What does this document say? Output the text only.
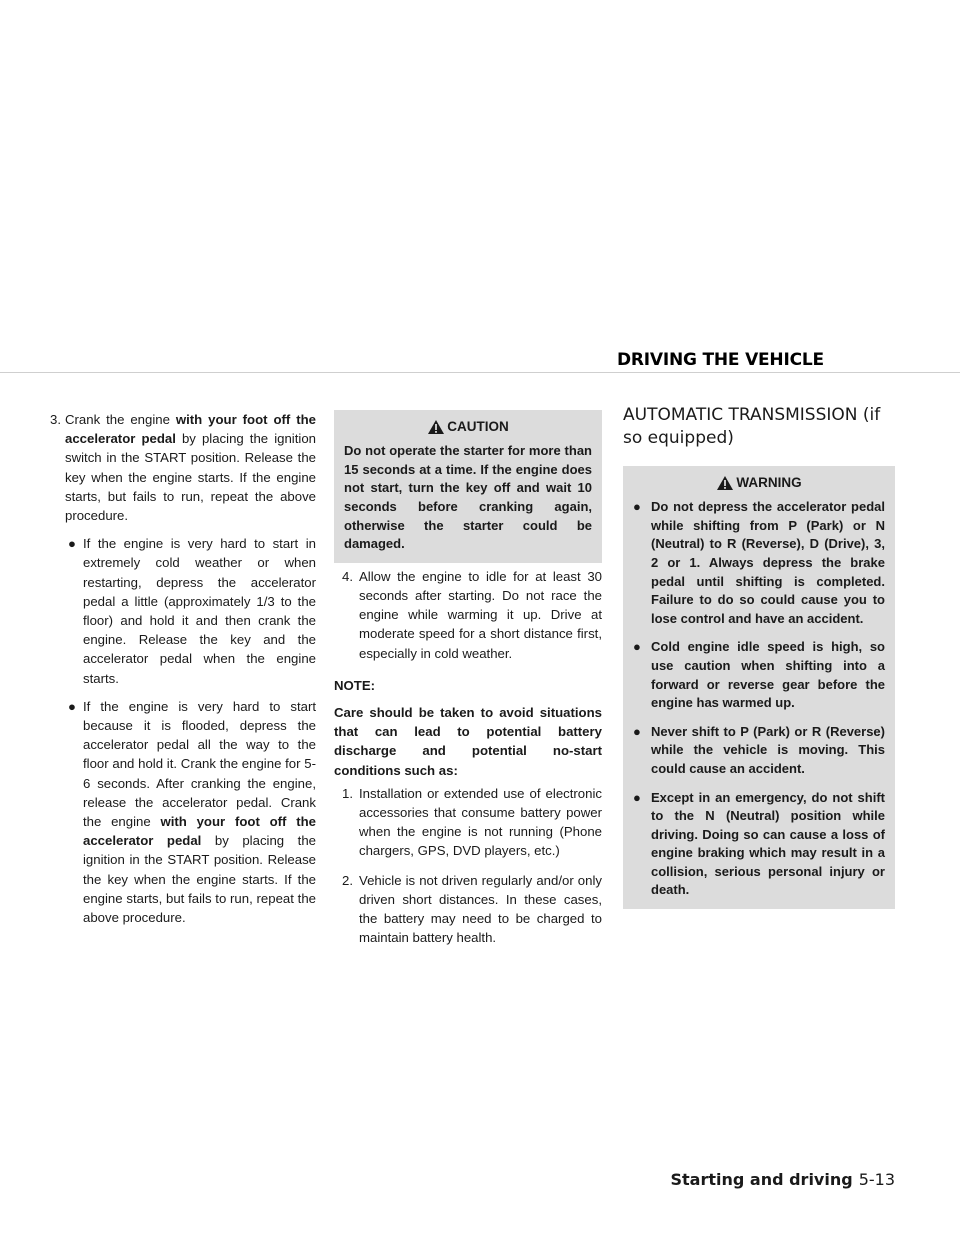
DRIVING THE VEHICLE
3. Crank the engine with your foot off the accelerator pedal by placing the ignition switch in the START position. Release the key when the engine starts. If the engine starts, but fails to run, repeat the above procedure.
● If the engine is very hard to start in extremely cold weather or when restarting, depress the accelerator pedal a little (approximately 1/3 to the floor) and hold it and then crank the engine. Release the key and the accelerator pedal when the engine starts.
● If the engine is very hard to start because it is flooded, depress the accelerator pedal all the way to the floor and hold it. Crank the engine for 5-6 seconds. After cranking the engine, release the accelerator pedal. Crank the engine with your foot off the accelerator pedal by placing the ignition in the START position. Release the key when the engine starts. If the engine starts, but fails to run, repeat the above procedure.
CAUTION
Do not operate the starter for more than 15 seconds at a time. If the engine does not start, turn the key off and wait 10 seconds before cranking again, otherwise the starter could be damaged.
4. Allow the engine to idle for at least 30 seconds after starting. Do not race the engine while warming it up. Drive at moderate speed for a short distance first, especially in cold weather.
NOTE:
Care should be taken to avoid situations that can lead to potential battery discharge and potential no-start conditions such as:
1. Installation or extended use of electronic accessories that consume battery power when the engine is not running (Phone chargers, GPS, DVD players, etc.)
2. Vehicle is not driven regularly and/or only driven short distances. In these cases, the battery may need to be charged to maintain battery health.
AUTOMATIC TRANSMISSION (if so equipped)
WARNING
● Do not depress the accelerator pedal while shifting from P (Park) or N (Neutral) to R (Reverse), D (Drive), 3, 2 or 1. Always depress the brake pedal until shifting is completed. Failure to do so could cause you to lose control and have an accident.
● Cold engine idle speed is high, so use caution when shifting into a forward or reverse gear before the engine has warmed up.
● Never shift to P (Park) or R (Reverse) while the vehicle is moving. This could cause an accident.
● Except in an emergency, do not shift to the N (Neutral) position while driving. Doing so can cause a loss of engine braking which may result in a collision, serious personal injury or death.
Starting and driving 5-13
